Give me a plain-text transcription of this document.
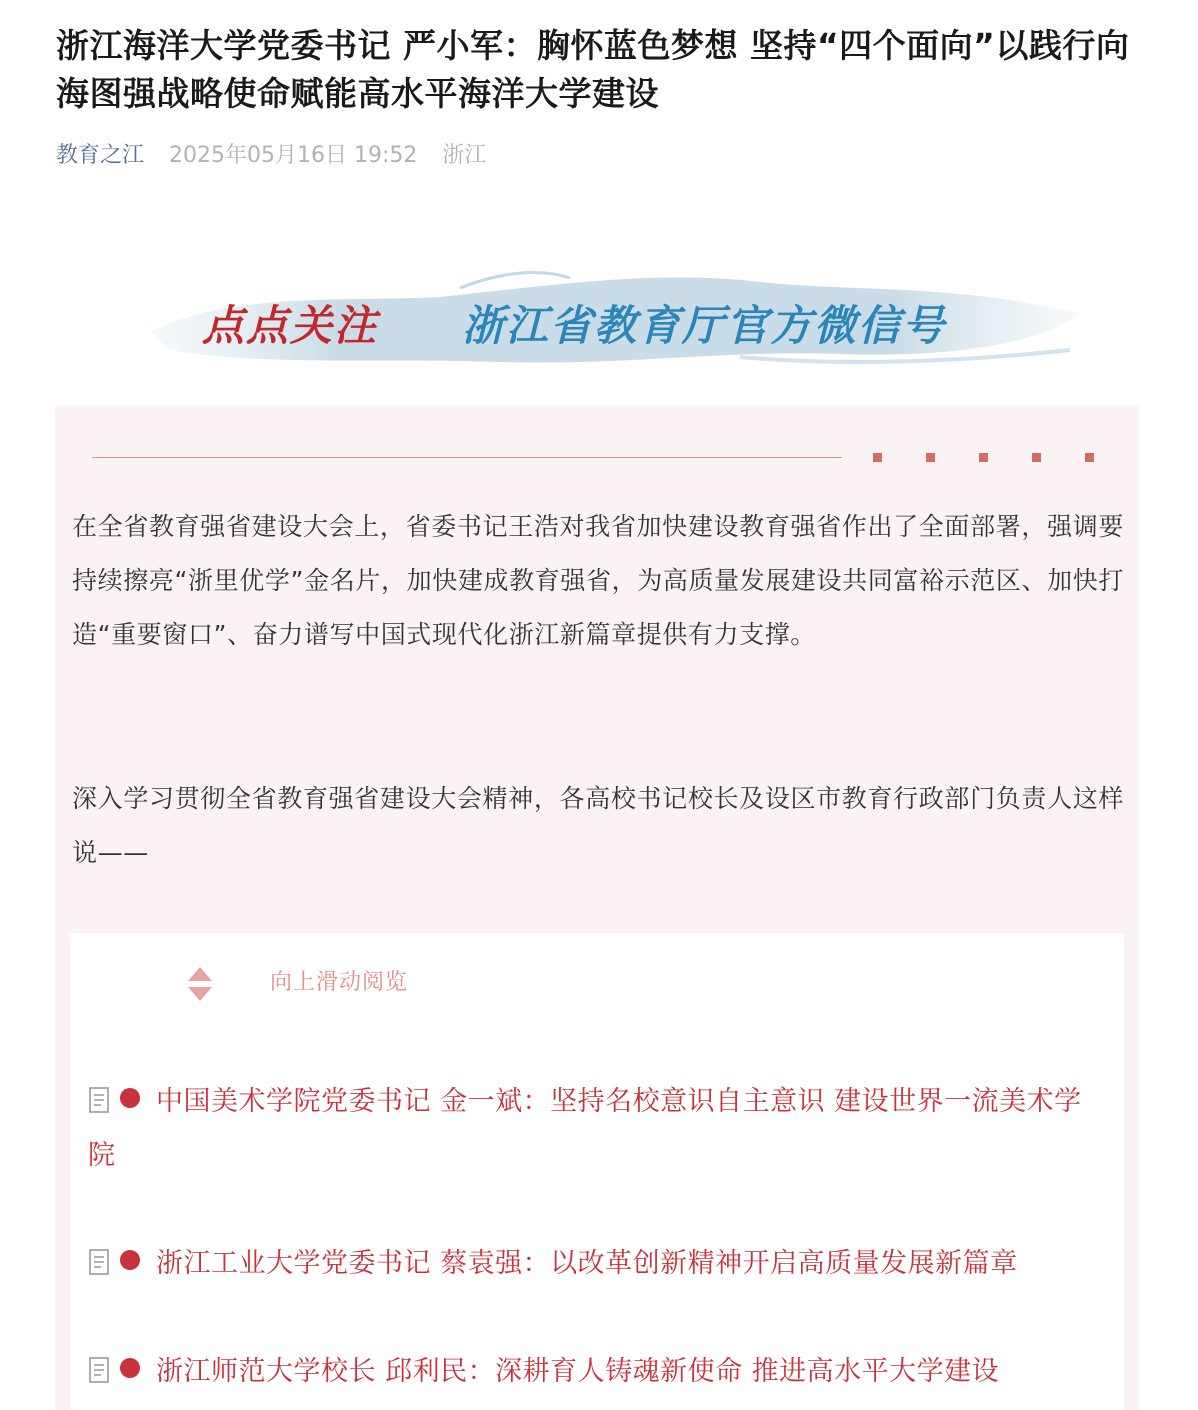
浙江海洋大学党委书记 严小军：胸怀蓝色梦想 坚持“四个面向”以践行向海图强战略使命赋能高水平海洋大学建设
教育之江 2025年05月16日 19:52 浙江
点点关注 浙江省教育厅官方微信号

在全省教育强省建设大会上，省委书记王浩对我省加快建设教育强省作出了全面部署，强调要持续擦亮“浙里优学”金名片，加快建成教育强省，为高质量发展建设共同富裕示范区、加快打造“重要窗口”、奋力谱写中国式现代化浙江新篇章提供有力支撑。

深入学习贯彻全省教育强省建设大会精神，各高校书记校长及设区市教育行政部门负责人这样说——

向上滑动阅览
中国美术学院党委书记 金一斌：坚持名校意识自主意识 建设世界一流美术学院
浙江工业大学党委书记 蔡袁强：以改革创新精神开启高质量发展新篇章
浙江师范大学校长 邱利民：深耕育人铸魂新使命 推进高水平大学建设
